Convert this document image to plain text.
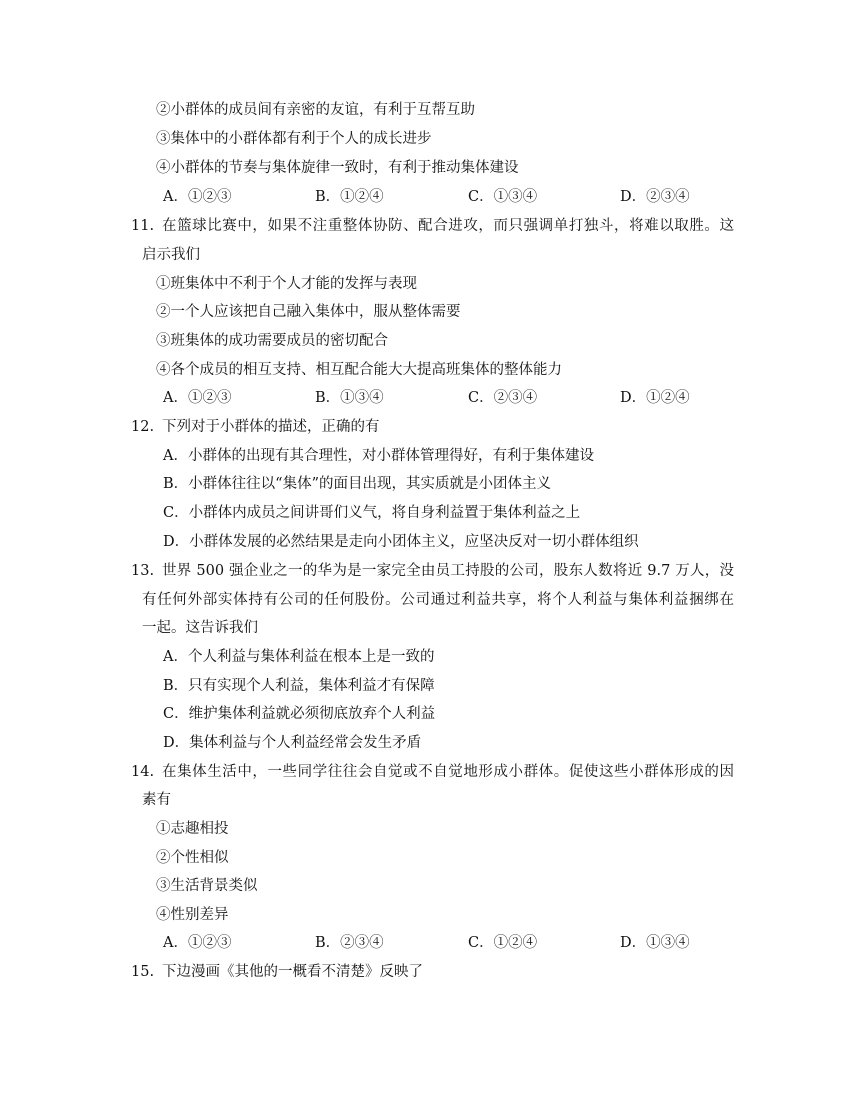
②小群体的成员间有亲密的友谊，有利于互帮互助
③集体中的小群体都有利于个人的成长进步
④小群体的节奏与集体旋律一致时，有利于推动集体建设
A．①②③	B．①②④	C．①③④	D．②③④
11. 在篮球比赛中，如果不注重整体协防、配合进攻，而只强调单打独斗，将难以取胜。这
启示我们
①班集体中不利于个人才能的发挥与表现
②一个人应该把自己融入集体中，服从整体需要
③班集体的成功需要成员的密切配合
④各个成员的相互支持、相互配合能大大提高班集体的整体能力
A．①②③	B．①③④	C．②③④	D．①②④
12. 下列对于小群体的描述，正确的有
A．小群体的出现有其合理性，对小群体管理得好，有利于集体建设
B．小群体往往以“集体”的面目出现，其实质就是小团体主义
C．小群体内成员之间讲哥们义气，将自身利益置于集体利益之上
D．小群体发展的必然结果是走向小团体主义，应坚决反对一切小群体组织
13. 世界 500 强企业之一的华为是一家完全由员工持股的公司，股东人数将近 9.7 万人，没
有任何外部实体持有公司的任何股份。公司通过利益共享，将个人利益与集体利益捆绑在
一起。这告诉我们
A．个人利益与集体利益在根本上是一致的
B．只有实现个人利益，集体利益才有保障
C．维护集体利益就必须彻底放弃个人利益
D．集体利益与个人利益经常会发生矛盾
14. 在集体生活中，一些同学往往会自觉或不自觉地形成小群体。促使这些小群体形成的因
素有
①志趣相投
②个性相似
③生活背景类似
④性别差异
A．①②③	B．②③④	C．①②④	D．①③④
15. 下边漫画《其他的一概看不清楚》反映了
